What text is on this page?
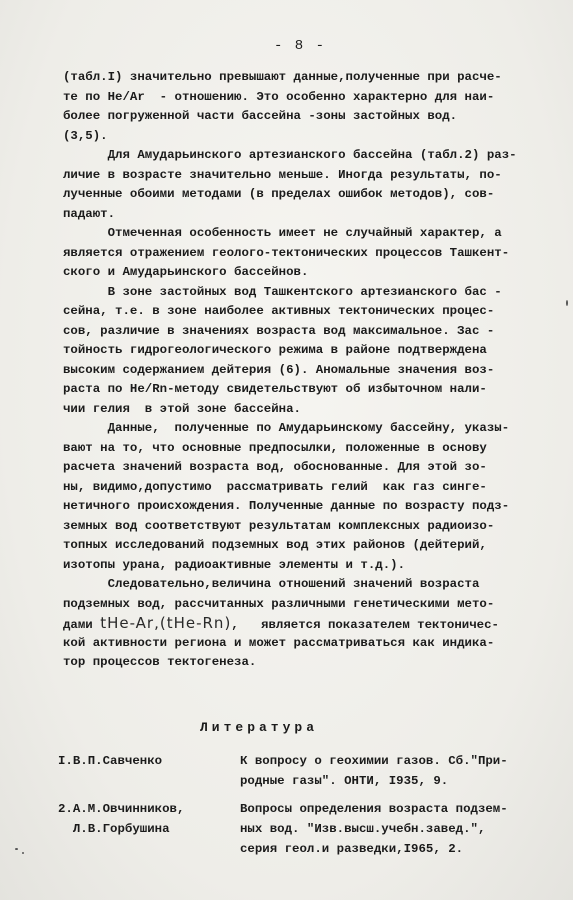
- 8 -
(табл.I) значительно превышают данные,полученные при расче-
те по He/Ar  - отношению. Это особенно характерно для наи-
более погруженной части бассейна -зоны застойных вод.
(3,5).
Для Амударьинского артезианского бассейна (табл.2) раз-
личие в возрасте значительно меньше. Иногда результаты, по-
лученные обоими методами (в пределах ошибок методов), сов-
падают.
Отмеченная особенность имеет не случайный характер, а
является отражением геолого-тектонических процессов Ташкент-
ского и Амударьинского бассейнов.
В зоне застойных вод Ташкентского артезианского бас -
сейна, т.е. в зоне наиболее активных тектонических процес-
сов, различие в значениях возраста вод максимальное. Зас -
тойность гидрогеологического режима в районе подтверждена
высоким содержанием дейтерия (6). Аномальные значения воз-
раста по He/Rn-методу свидетельствуют об избыточном нали-
чии гелия  в этой зоне бассейна.
Данные,  полученные по Амударьинскому бассейну, указы-
вают на то, что основные предпосылки, положенные в основу
расчета значений возраста вод, обоснованные. Для этой зо-
ны, видимо,допустимо  рассматривать гелий  как газ синге-
нетичного происхождения. Полученные данные по возрасту подз-
земных вод соответствуют результатам комплексных радиоизо-
топных исследований подземных вод этих районов (дейтерий,
изотопы урана, радиоактивные элементы и т.д.).
Следовательно,величина отношений значений возраста
подземных вод, рассчитанных различными генетическими мето-
дами tHe-Ar,(tHe-Rn),   является показателем тектоничес-
кой активности региона и может рассматриваться как индика-
тор процессов тектогенеза.
Литература
I.В.П.Савченко	К вопросу о геохимии газов. Сб."При-
родные газы". ОНТИ, I935, 9.
2.А.М.Овчинников,
Л.В.Горбушина
Вопросы определения возраста подзем-
ных вод. "Изв.высш.учебн.завед.",
серия геол.и разведки,I965, 2.
